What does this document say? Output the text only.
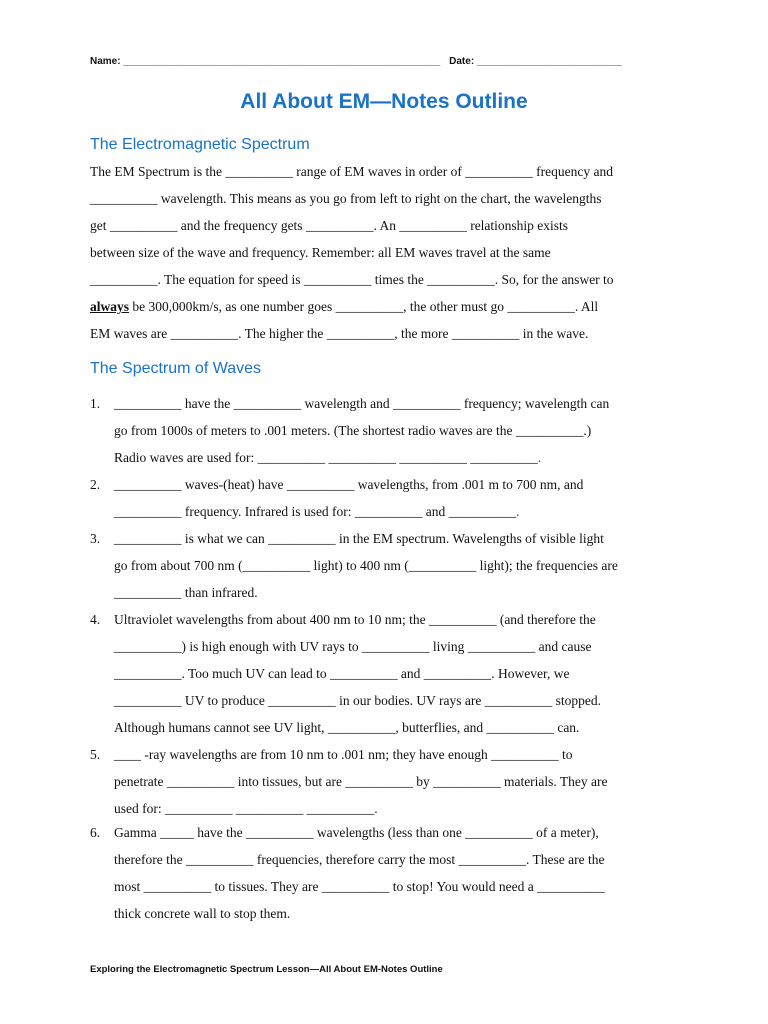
Name: _________________________________________________________ Date: __________________________
All About EM—Notes Outline
The Electromagnetic Spectrum
The EM Spectrum is the __________ range of EM waves in order of __________ frequency and
__________ wavelength. This means as you go from left to right on the chart, the wavelengths
get __________ and the frequency gets __________. An __________ relationship exists
between size of the wave and frequency. Remember: all EM waves travel at the same
__________. The equation for speed is __________ times the __________. So, for the answer to
always be 300,000km/s, as one number goes __________, the other must go __________. All
EM waves are __________. The higher the __________, the more __________ in the wave.
The Spectrum of Waves
1.	__________ have the __________ wavelength and __________ frequency; wavelength can
go from 1000s of meters to .001 meters. (The shortest radio waves are the __________.)
Radio waves are used for: __________ __________ __________ __________.
2.	__________ waves-(heat) have __________ wavelengths, from .001 m to 700 nm, and
__________ frequency. Infrared is used for: __________ and __________.
3.	__________ is what we can __________ in the EM spectrum. Wavelengths of visible light
go from about 700 nm (__________ light) to 400 nm (__________ light); the frequencies are
__________ than infrared.
4.	Ultraviolet wavelengths from about 400 nm to 10 nm; the __________ (and therefore the
__________) is high enough with UV rays to __________ living __________ and cause
__________. Too much UV can lead to __________ and __________. However, we
__________ UV to produce __________ in our bodies. UV rays are __________ stopped.
Although humans cannot see UV light, __________, butterflies, and __________ can.
5.	____ -ray wavelengths are from 10 nm to .001 nm; they have enough __________ to
penetrate __________ into tissues, but are __________ by __________ materials. They are
used for: __________ __________ __________.
6.	Gamma _____ have the __________ wavelengths (less than one __________ of a meter),
therefore the __________ frequencies, therefore carry the most __________. These are the
most __________ to tissues. They are __________ to stop! You would need a __________
thick concrete wall to stop them.
Exploring the Electromagnetic Spectrum Lesson—All About EM-Notes Outline
